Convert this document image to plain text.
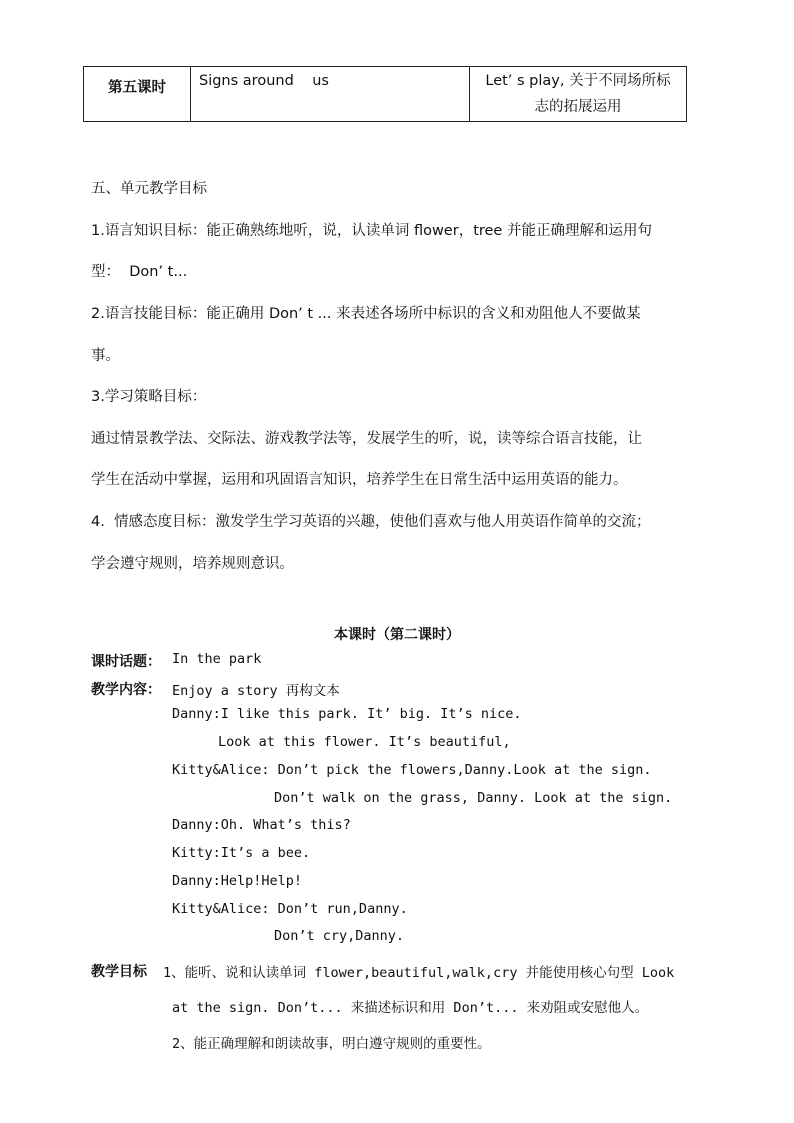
第五课时	Signs around    us	Let’ s play, 关于不同场所标
志的拓展运用
五、单元教学目标
1.语言知识目标：能正确熟练地听，说，认读单词 flower，tree 并能正确理解和运用句
型：  Don’ t...
2.语言技能目标：能正确用 Don’ t ... 来表述各场所中标识的含义和劝阻他人不要做某
事。
3.学习策略目标：
通过情景教学法、交际法、游戏教学法等，发展学生的听，说，读等综合语言技能，让
学生在活动中掌握，运用和巩固语言知识，培养学生在日常生活中运用英语的能力。
4.  情感态度目标：激发学生学习英语的兴趣，使他们喜欢与他人用英语作简单的交流；
学会遵守规则，培养规则意识。
本课时（第二课时）
课时话题： In the park
教学内容： Enjoy a story 再构文本
Danny:I like this park. It’ big. It’s nice.
Look at this flower. It’s beautiful,
Kitty&Alice: Don’t pick the flowers,Danny.Look at the sign.
Don’t walk on the grass, Danny. Look at the sign.
Danny:Oh. What’s this?
Kitty:It’s a bee.
Danny:Help!Help!
Kitty&Alice: Don’t run,Danny.
Don’t cry,Danny.
教学目标 1、能听、说和认读单词 flower,beautiful,walk,cry 并能使用核心句型 Look
at the sign. Don’t... 来描述标识和用 Don’t... 来劝阻或安慰他人。
2、能正确理解和朗读故事，明白遵守规则的重要性。
